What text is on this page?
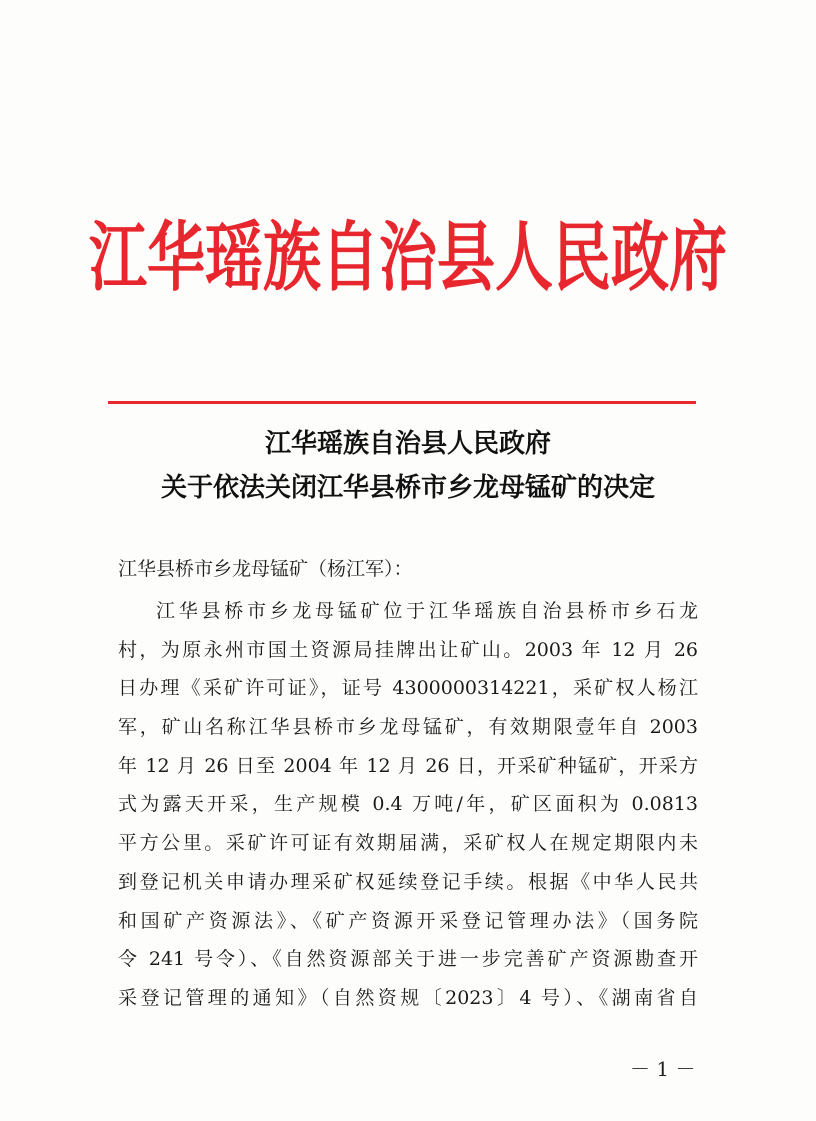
江华瑶族自治县人民政府
江华瑶族自治县人民政府
关于依法关闭江华县桥市乡龙母锰矿的决定
江华县桥市乡龙母锰矿（杨江军）：
江华县桥市乡龙母锰矿位于江华瑶族自治县桥市乡石龙
村，为原永州市国土资源局挂牌出让矿山。2003 年 12 月 26
日办理《采矿许可证》，证号 4300000314221，采矿权人杨江
军，矿山名称江华县桥市乡龙母锰矿，有效期限壹年自 2003
年 12 月 26 日至 2004 年 12 月 26 日，开采矿种锰矿，开采方
式为露天开采，生产规模 0.4 万吨/年，矿区面积为 0.0813
平方公里。采矿许可证有效期届满，采矿权人在规定期限内未
到登记机关申请办理采矿权延续登记手续。根据《中华人民共
和国矿产资源法》、《矿产资源开采登记管理办法》（国务院
令 241 号令）、《自然资源部关于进一步完善矿产资源勘查开
采登记管理的通知》（自然资规〔2023〕4 号）、《湖南省自
－ 1 －
